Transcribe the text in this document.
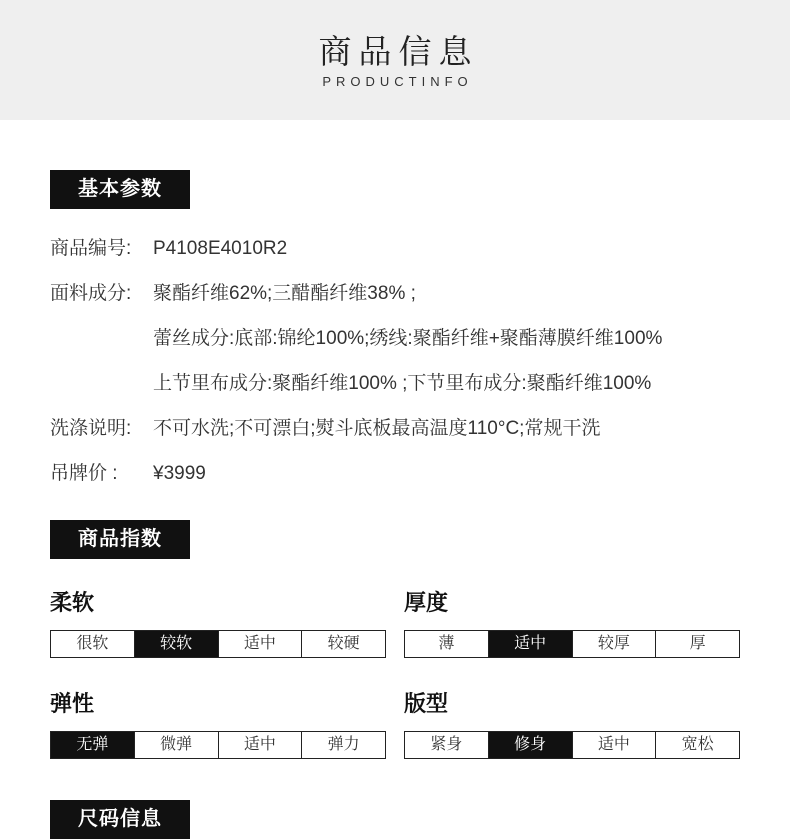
商品信息
PRODUCTINFO
基本参数
商品编号: P4108E4010R2
面料成分: 聚酯纤维62%;三醋酯纤维38% ;
蕾丝成分:底部:锦纶100%;绣线:聚酯纤维+聚酯薄膜纤维100%
上节里布成分:聚酯纤维100% ;下节里布成分:聚酯纤维100%
洗涤说明: 不可水洗;不可漂白;熨斗底板最高温度110°C;常规干洗
吊牌价 : ¥3999
商品指数
柔软
很软	较软	适中	较硬
厚度
薄	适中	较厚	厚
弹性
无弹	微弹	适中	弹力
版型
紧身	修身	适中	宽松
尺码信息
